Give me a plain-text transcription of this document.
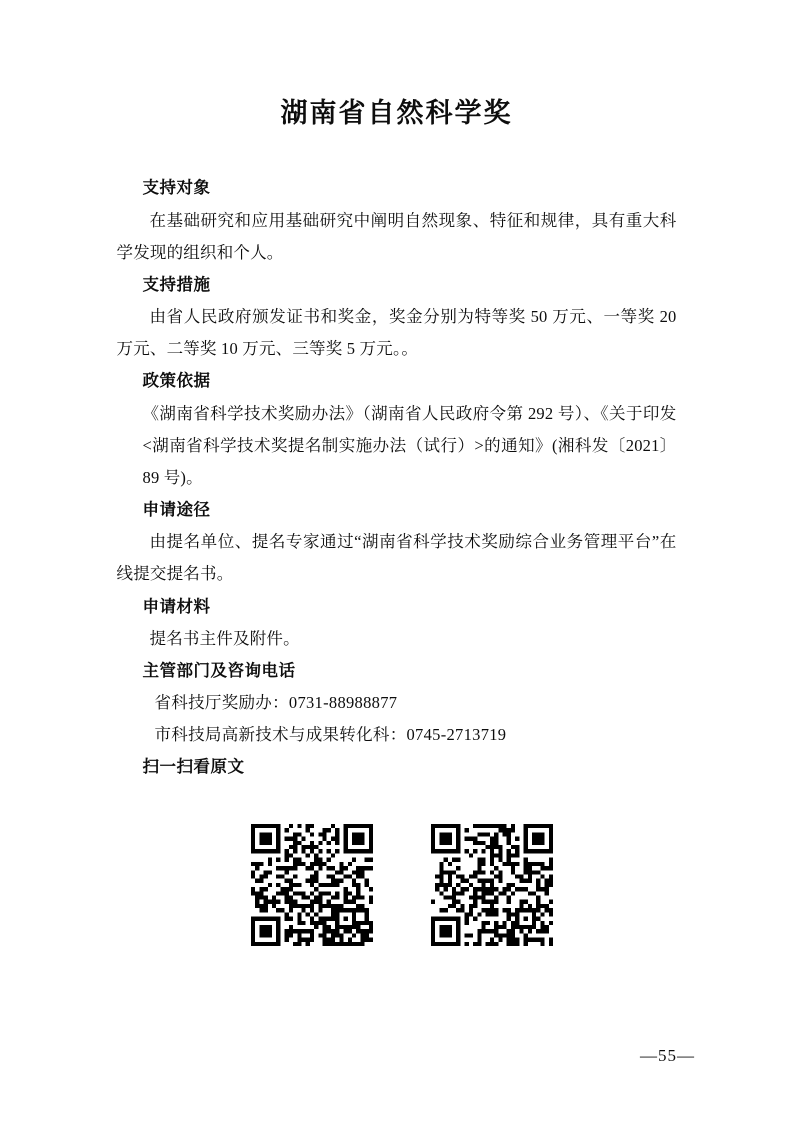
湖南省自然科学奖
支持对象

在基础研究和应用基础研究中阐明自然现象、特征和规律，具有重大科学发现的组织和个人。

支持措施

由省人民政府颁发证书和奖金，奖金分别为特等奖 50 万元、一等奖 20 万元、二等奖 10 万元、三等奖 5 万元。。

政策依据

《湖南省科学技术奖励办法》（湖南省人民政府令第 292 号）、《关于印发<湖南省科学技术奖提名制实施办法（试行）>的通知》(湘科发〔2021〕89 号)。

申请途径

由提名单位、提名专家通过“湖南省科学技术奖励综合业务管理平台”在线提交提名书。

申请材料

提名书主件及附件。

主管部门及咨询电话

省科技厅奖励办：0731-88988877

市科技局高新技术与成果转化科：0745-2713719

扫一扫看原文
—55—
